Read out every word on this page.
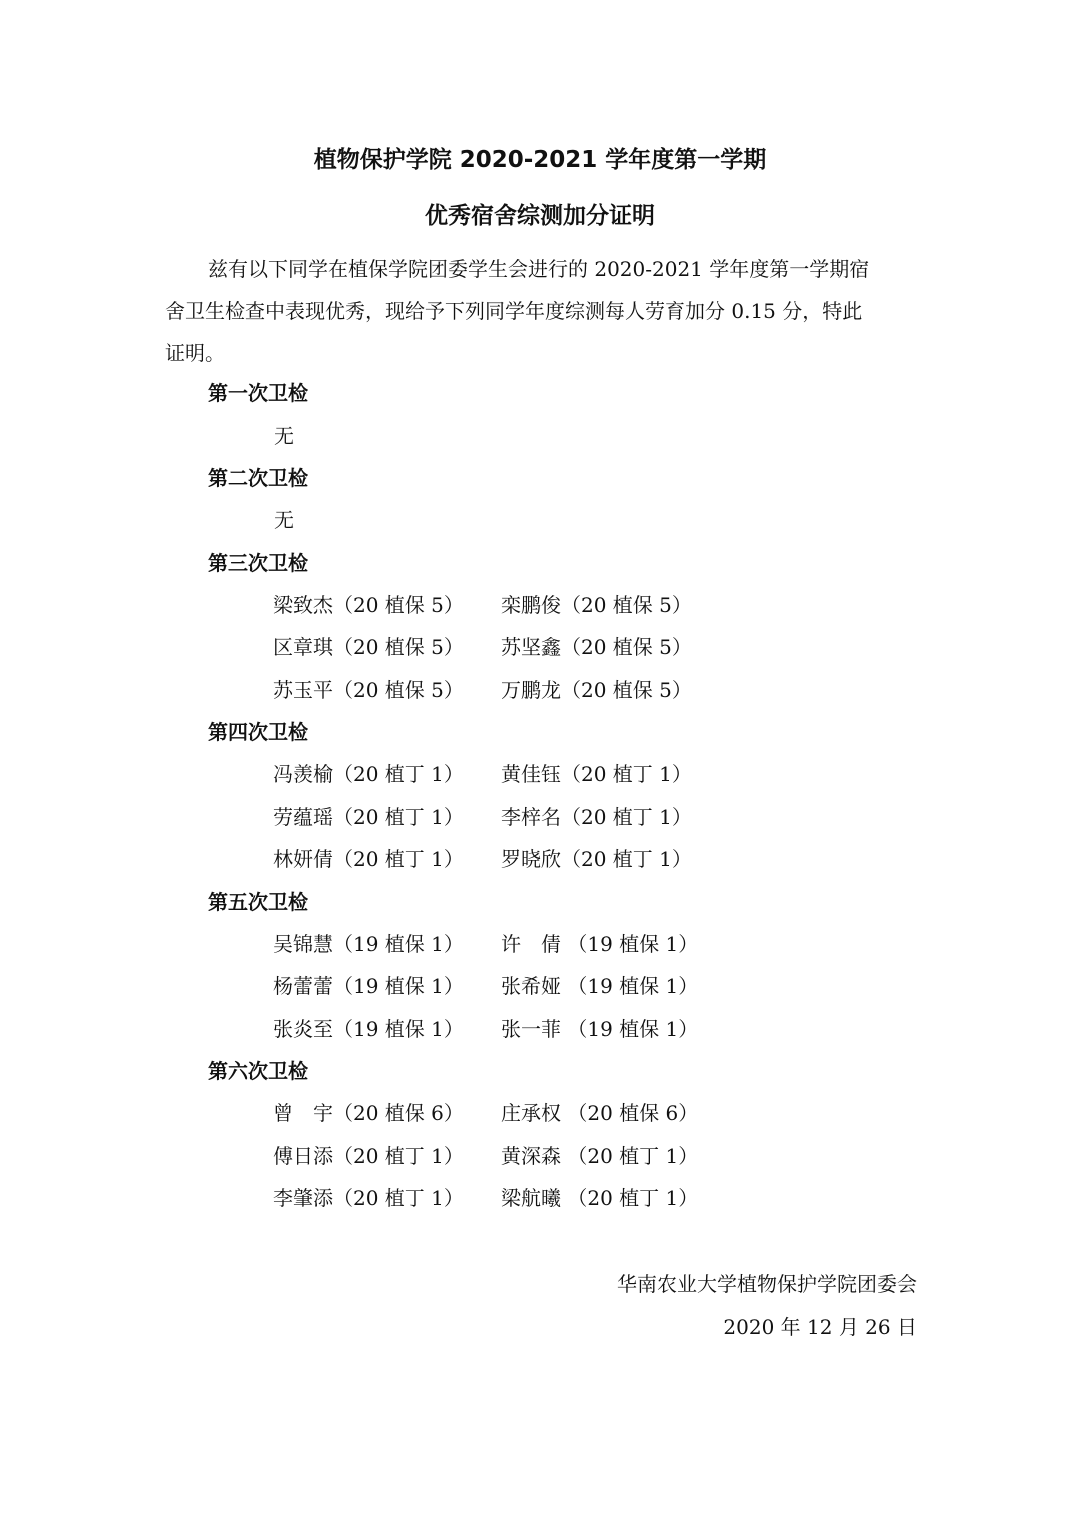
植物保护学院 2020-2021 学年度第一学期
优秀宿舍综测加分证明
兹有以下同学在植保学院团委学生会进行的 2020-2021 学年度第一学期宿
舍卫生检查中表现优秀，现给予下列同学年度综测每人劳育加分 0.15 分，特此
证明。
第一次卫检
无
第二次卫检
无
第三次卫检
梁致杰（20 植保 5） 栾鹏俊（20 植保 5）
区章琪（20 植保 5） 苏坚鑫（20 植保 5）
苏玉平（20 植保 5） 万鹏龙（20 植保 5）
第四次卫检
冯羡榆（20 植丁 1） 黄佳钰（20 植丁 1）
劳蕴瑶（20 植丁 1） 李梓名（20 植丁 1）
林妍倩（20 植丁 1） 罗晓欣（20 植丁 1）
第五次卫检
吴锦慧（19 植保 1） 许　倩 （19 植保 1）
杨蕾蕾（19 植保 1） 张希娅 （19 植保 1）
张炎至（19 植保 1） 张一菲 （19 植保 1）
第六次卫检
曾　宇（20 植保 6） 庄承权 （20 植保 6）
傅日添（20 植丁 1） 黄深森 （20 植丁 1）
李肇添（20 植丁 1） 梁航曦 （20 植丁 1）
华南农业大学植物保护学院团委会
2020 年 12 月 26 日
